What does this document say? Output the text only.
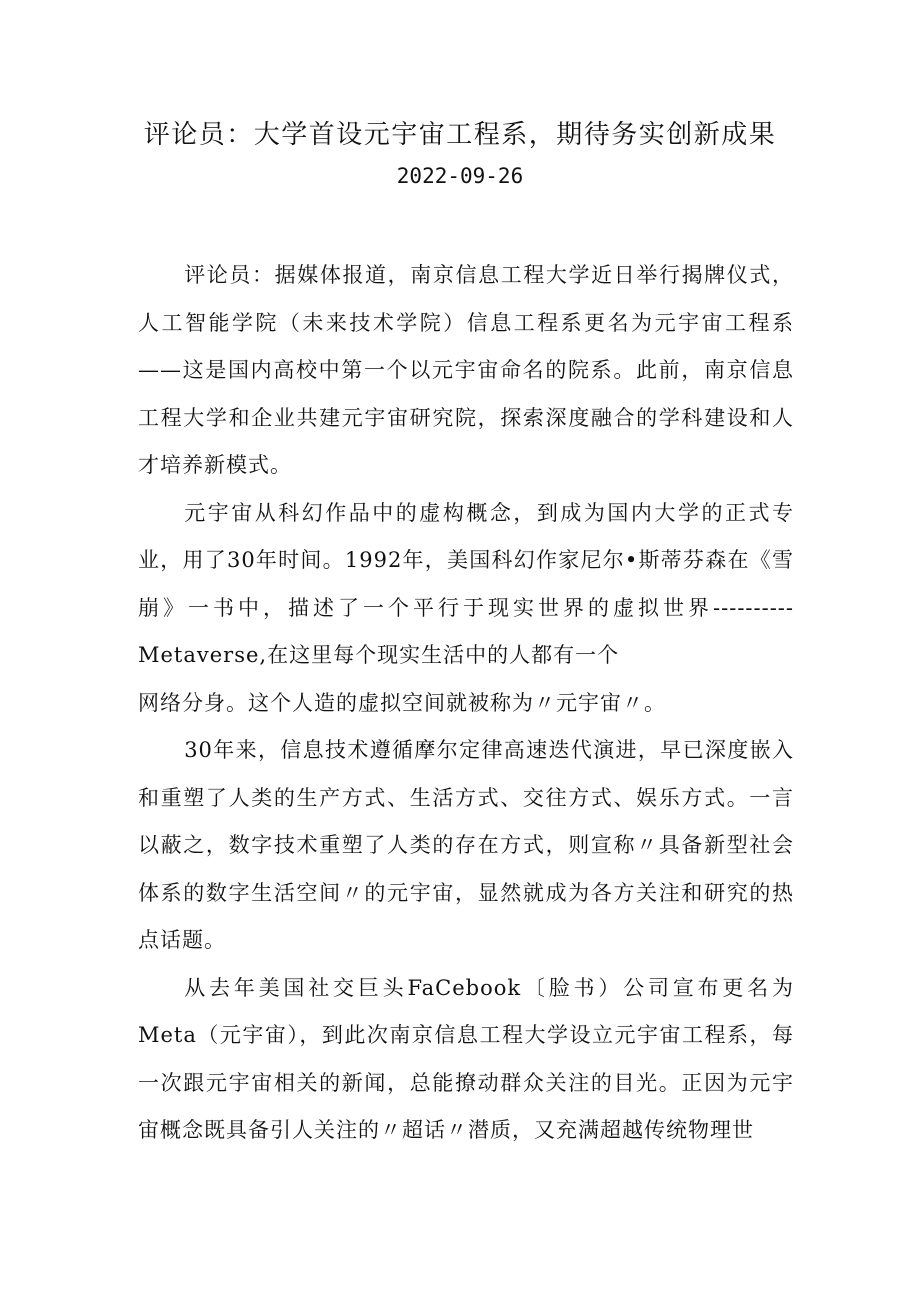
评论员：大学首设元宇宙工程系，期待务实创新成果
2022-09-26

评论员：据媒体报道，南京信息工程大学近日举行揭牌仪式，人工智能学院（未来技术学院）信息工程系更名为元宇宙工程系——这是国内高校中第一个以元宇宙命名的院系。此前，南京信息工程大学和企业共建元宇宙研究院，探索深度融合的学科建设和人才培养新模式。

元宇宙从科幻作品中的虚构概念，到成为国内大学的正式专业，用了30年时间。1992年，美国科幻作家尼尔•斯蒂芬森在《雪崩》一书中，描述了一个平行于现实世界的虚拟世界----------Metaverse,在这里每个现实生活中的人都有一个
网络分身。这个人造的虚拟空间就被称为〃元宇宙〃。

30年来，信息技术遵循摩尔定律高速迭代演进，早已深度嵌入和重塑了人类的生产方式、生活方式、交往方式、娱乐方式。一言以蔽之，数字技术重塑了人类的存在方式，则宣称〃具备新型社会体系的数字生活空间〃的元宇宙，显然就成为各方关注和研究的热点话题。

从去年美国社交巨头FaCebook〔脸书）公司宣布更名为Meta（元宇宙），到此次南京信息工程大学设立元宇宙工程系，每一次跟元宇宙相关的新闻，总能撩动群众关注的目光。正因为元宇宙概念既具备引人关注的〃超话〃潜质，又充满超越传统物理世
